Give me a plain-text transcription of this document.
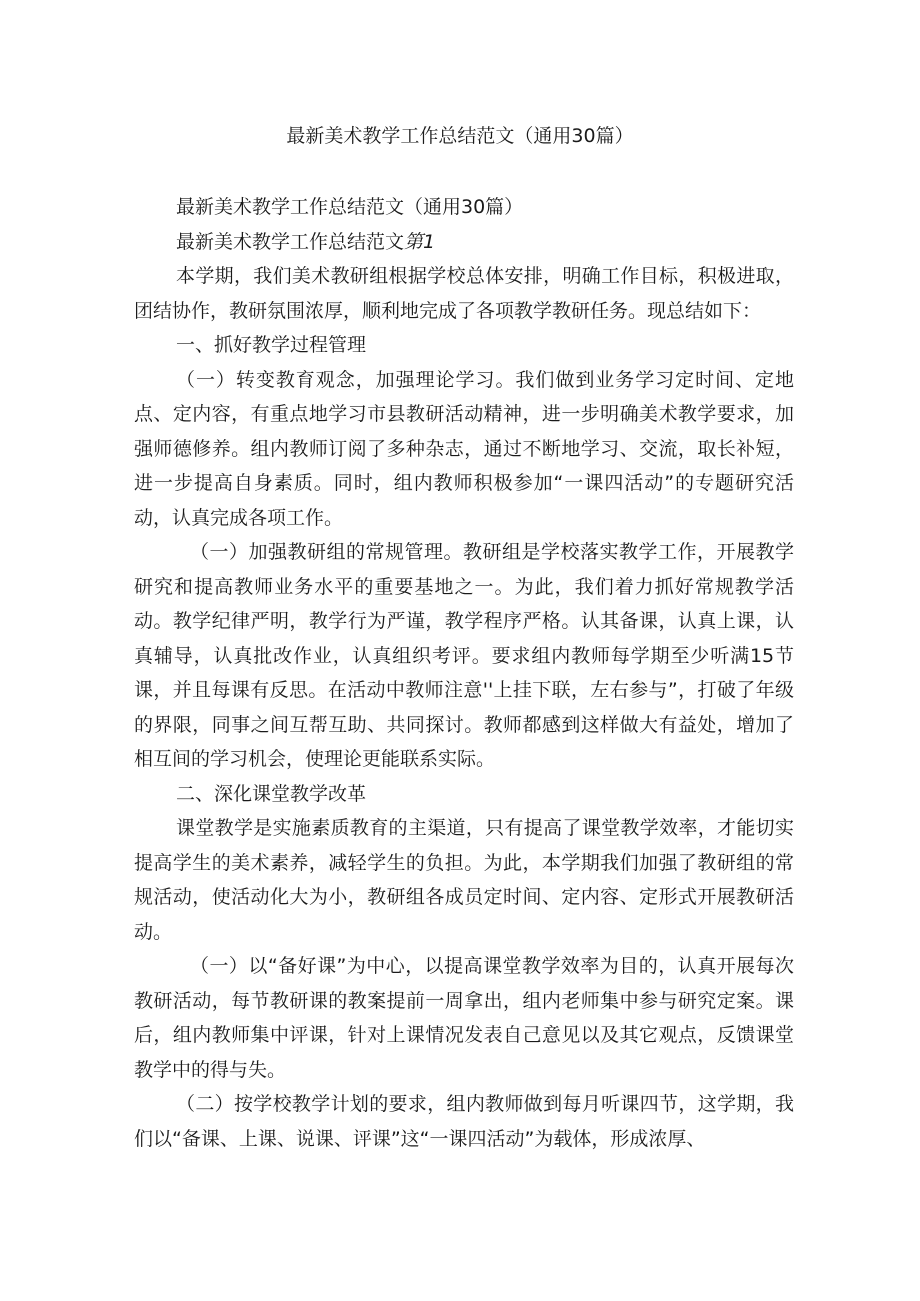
最新美术教学工作总结范文（通用30篇）

最新美术教学工作总结范文（通用30篇）

最新美术教学工作总结范文第1

本学期，我们美术教研组根据学校总体安排，明确工作目标，积极进取，团结协作，教研氛围浓厚，顺利地完成了各项教学教研任务。现总结如下：

一、抓好教学过程管理

（一）转变教育观念，加强理论学习。我们做到业务学习定时间、定地点、定内容，有重点地学习市县教研活动精神，进一步明确美术教学要求，加强师德修养。组内教师订阅了多种杂志，通过不断地学习、交流，取长补短，进一步提高自身素质。同时，组内教师积极参加“一课四活动”的专题研究活动，认真完成各项工作。

（一）加强教研组的常规管理。教研组是学校落实教学工作，开展教学研究和提高教师业务水平的重要基地之一。为此，我们着力抓好常规教学活动。教学纪律严明，教学行为严谨，教学程序严格。认其备课，认真上课，认真辅导，认真批改作业，认真组织考评。要求组内教师每学期至少听满15节课，并且每课有反思。在活动中教师注意''上挂下联，左右参与”，打破了年级的界限，同事之间互帮互助、共同探讨。教师都感到这样做大有益处，增加了相互间的学习机会，使理论更能联系实际。

二、深化课堂教学改革

课堂教学是实施素质教育的主渠道，只有提高了课堂教学效率，才能切实提高学生的美术素养，减轻学生的负担。为此，本学期我们加强了教研组的常规活动，使活动化大为小，教研组各成员定时间、定内容、定形式开展教研活动。

（一）以“备好课”为中心，以提高课堂教学效率为目的，认真开展每次教研活动，每节教研课的教案提前一周拿出，组内老师集中参与研究定案。课后，组内教师集中评课，针对上课情况发表自己意见以及其它观点，反馈课堂教学中的得与失。

（二）按学校教学计划的要求，组内教师做到每月听课四节，这学期，我们以“备课、上课、说课、评课”这“一课四活动”为载体，形成浓厚、
